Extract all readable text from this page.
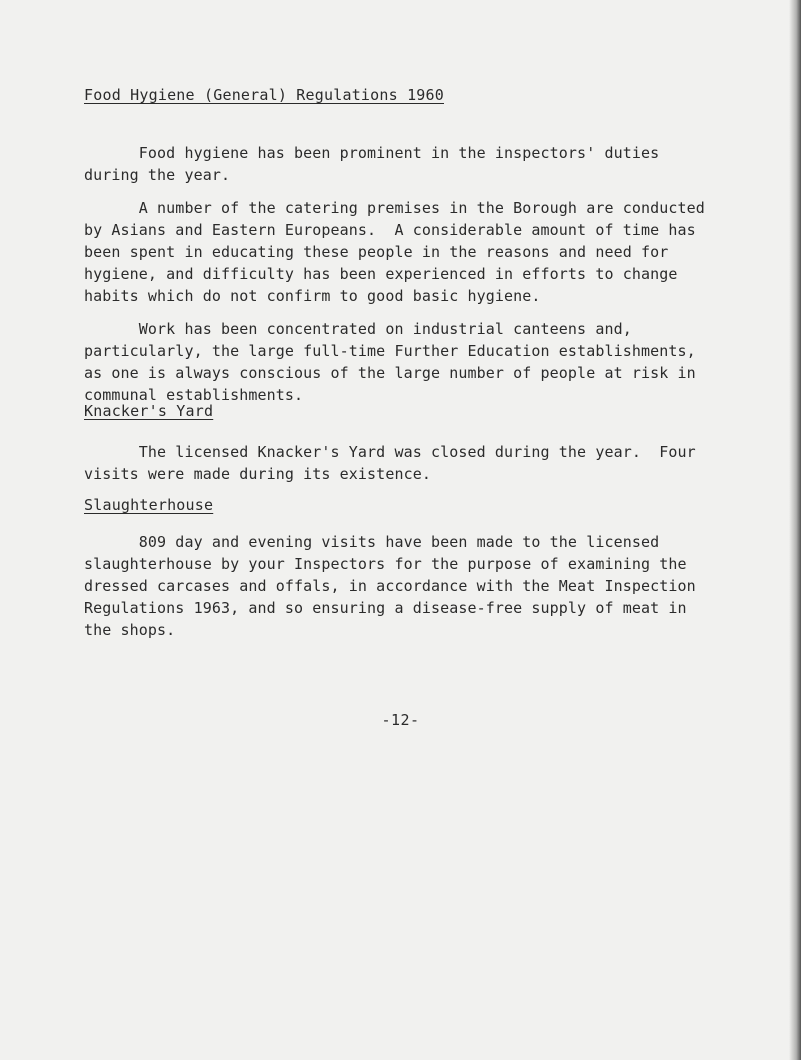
Food Hygiene (General) Regulations 1960
Food hygiene has been prominent in the inspectors' duties
during the year.
A number of the catering premises in the Borough are conducted
by Asians and Eastern Europeans.  A considerable amount of time has
been spent in educating these people in the reasons and need for
hygiene, and difficulty has been experienced in efforts to change
habits which do not confirm to good basic hygiene.
Work has been concentrated on industrial canteens and,
particularly, the large full-time Further Education establishments,
as one is always conscious of the large number of people at risk in
communal establishments.
Knacker's Yard
The licensed Knacker's Yard was closed during the year.  Four
visits were made during its existence.
Slaughterhouse
809 day and evening visits have been made to the licensed
slaughterhouse by your Inspectors for the purpose of examining the
dressed carcases and offals, in accordance with the Meat Inspection
Regulations 1963, and so ensuring a disease-free supply of meat in
the shops.
-12-
